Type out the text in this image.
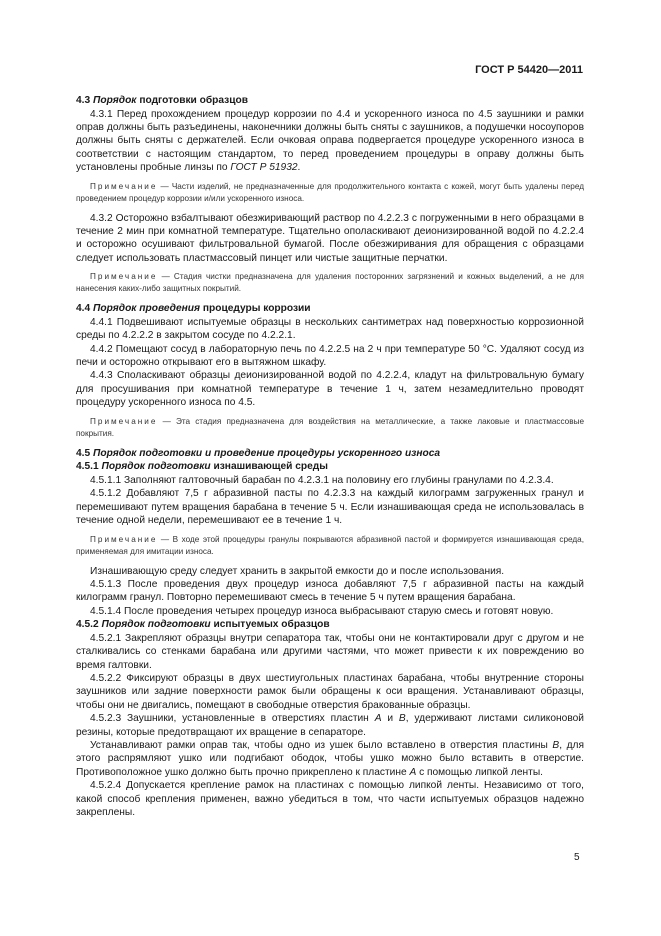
ГОСТ Р 54420—2011

4.3 Порядок подготовки образцов

4.3.1 Перед прохождением процедур коррозии по 4.4 и ускоренного износа по 4.5 заушники и рамки оправ должны быть разъединены, наконечники должны быть сняты с заушников, а подушечки носоупоров должны быть сняты с держателей. Если очковая оправа подвергается процедуре ускоренного износа в соответствии с настоящим стандартом, то перед проведением процедуры в оправу должны быть установлены пробные линзы по ГОСТ Р 51932.

Примечание — Части изделий, не предназначенные для продолжительного контакта с кожей, могут быть удалены перед проведением процедур коррозии и/или ускоренного износа.

4.3.2 Осторожно взбалтывают обезжиривающий раствор по 4.2.2.3 с погруженными в него образцами в течение 2 мин при комнатной температуре. Тщательно ополаскивают деионизированной водой по 4.2.2.4 и осторожно осушивают фильтровальной бумагой. После обезжиривания для обращения с образцами следует использовать пластмассовый пинцет или чистые защитные перчатки.

Примечание — Стадия чистки предназначена для удаления посторонних загрязнений и кожных выделений, а не для нанесения каких-либо защитных покрытий.

4.4 Порядок проведения процедуры коррозии

4.4.1 Подвешивают испытуемые образцы в нескольких сантиметрах над поверхностью коррозионной среды по 4.2.2.2 в закрытом сосуде по 4.2.2.1.

4.4.2 Помещают сосуд в лабораторную печь по 4.2.2.5 на 2 ч при температуре 50 °С. Удаляют сосуд из печи и осторожно открывают его в вытяжном шкафу.

4.4.3 Споласкивают образцы деионизированной водой по 4.2.2.4, кладут на фильтровальную бумагу для просушивания при комнатной температуре в течение 1 ч, затем незамедлительно проводят процедуру ускоренного износа по 4.5.

Примечание — Эта стадия предназначена для воздействия на металлические, а также лаковые и пластмассовые покрытия.

4.5 Порядок подготовки и проведение процедуры ускоренного износа

4.5.1 Порядок подготовки изнашивающей среды

4.5.1.1 Заполняют галтовочный барабан по 4.2.3.1 на половину его глубины гранулами по 4.2.3.4.

4.5.1.2 Добавляют 7,5 г абразивной пасты по 4.2.3.3 на каждый килограмм загруженных гранул и перемешивают путем вращения барабана в течение 5 ч. Если изнашивающая среда не использовалась в течение одной недели, перемешивают ее в течение 1 ч.

Примечание — В ходе этой процедуры гранулы покрываются абразивной пастой и формируется изнашивающая среда, применяемая для имитации износа.

Изнашивающую среду следует хранить в закрытой емкости до и после использования.

4.5.1.3 После проведения двух процедур износа добавляют 7,5 г абразивной пасты на каждый килограмм гранул. Повторно перемешивают смесь в течение 5 ч путем вращения барабана.

4.5.1.4 После проведения четырех процедур износа выбрасывают старую смесь и готовят новую.

4.5.2 Порядок подготовки испытуемых образцов

4.5.2.1 Закрепляют образцы внутри сепаратора так, чтобы они не контактировали друг с другом и не сталкивались со стенками барабана или другими частями, что может привести к их повреждению во время галтовки.

4.5.2.2 Фиксируют образцы в двух шестиугольных пластинах барабана, чтобы внутренние стороны заушников или задние поверхности рамок были обращены к оси вращения. Устанавливают образцы, чтобы они не двигались, помещают в свободные отверстия бракованные образцы.

4.5.2.3 Заушники, установленные в отверстиях пластин А и В, удерживают листами силиконовой резины, которые предотвращают их вращение в сепараторе.

Устанавливают рамки оправ так, чтобы одно из ушек было вставлено в отверстия пластины В, для этого распрямляют ушко или подгибают ободок, чтобы ушко можно было вставить в отверстие. Противоположное ушко должно быть прочно прикреплено к пластине А с помощью липкой ленты.

4.5.2.4 Допускается крепление рамок на пластинах с помощью липкой ленты. Независимо от того, какой способ крепления применен, важно убедиться в том, что части испытуемых образцов надежно закреплены.

5
